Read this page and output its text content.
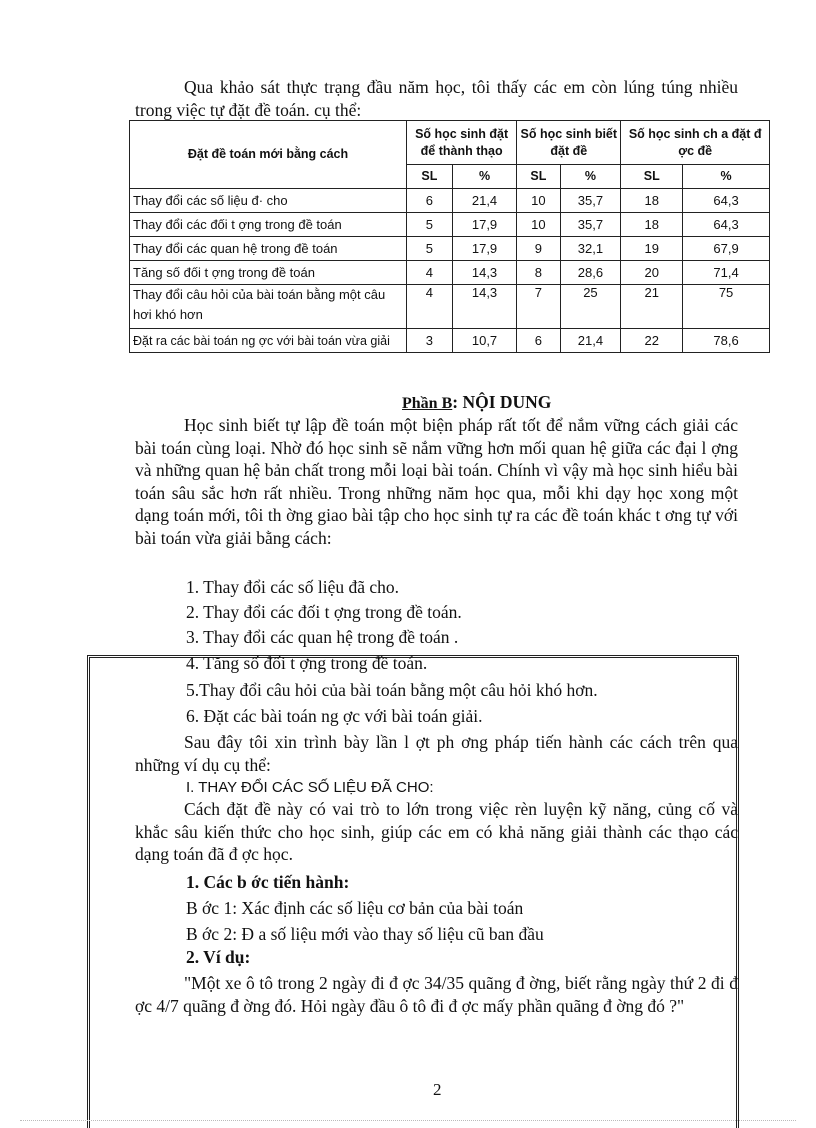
Qua khảo sát thực trạng đầu năm học, tôi thấy các em còn lúng túng nhiều trong việc tự đặt đề toán. cụ thể:

Đặt đề toán mới bằng cách	Số học sinh đặt để thành thạo		Số học sinh biết đặt đề		Số học sinh ch a đặt đ ợc đề	
	SL	%	SL	%	SL	%
Thay đổi các số liệu đ· cho	6	21,4	10	35,7	18	64,3
Thay đổi các đối t ợng trong đề toán	5	17,9	10	35,7	18	64,3
Thay đổi các quan hệ trong đề toán	5	17,9	9	32,1	19	67,9
Tăng số đối t ợng trong đề toán	4	14,3	8	28,6	20	71,4
Thay đổi câu hỏi của bài toán bằng một câu hơi khó hơn	4	14,3	7	25	21	75
Đặt ra các bài toán ng ợc với bài toán vừa giải	3	10,7	6	21,4	22	78,6
Phần B: NỘI DUNG

Học sinh biết tự lập đề toán một biện pháp rất tốt để nắm vững cách giải các bài toán cùng loại. Nhờ đó học sinh sẽ nắm vững hơn mối quan hệ giữa các đại l ợng và những quan hệ bản chất trong mỗi loại bài toán. Chính vì vậy mà học sinh hiểu bài toán sâu sắc hơn rất nhiều. Trong những năm học qua, mỗi khi dạy học xong một dạng toán mới, tôi th ờng giao bài tập cho học sinh tự ra các đề toán khác t ơng tự với bài toán vừa giải bằng cách:

1. Thay đổi các số liệu đã cho.
2. Thay đổi các đối t ợng trong đề toán.
3. Thay đổi các quan hệ trong đề toán .
4. Tăng số đối t ợng trong đề toán.
5.Thay đổi câu hỏi của bài toán bằng một câu hỏi khó hơn.
6. Đặt các bài toán ng ợc với bài toán giải.

Sau đây tôi xin trình bày lần l ợt ph ơng pháp tiến hành các cách trên qua những ví dụ cụ thể:

I. THAY ĐỔI CÁC SỐ LIỆU ĐÃ CHO:

Cách đặt đề này có vai trò to lớn trong việc rèn luyện kỹ năng, củng cố và khắc sâu kiến thức cho học sinh, giúp các em có khả năng giải thành các thạo các dạng toán đã đ ợc học.

1. Các b ớc tiến hành:
B ớc 1: Xác định các số liệu cơ bản của bài toán
B ớc 2: Đ a số liệu mới vào thay số liệu cũ ban đầu
2. Ví dụ:

"Một xe ô tô trong 2 ngày đi đ ợc 34/35 quãng đ ờng, biết rằng ngày thứ 2 đi đ ợc 4/7 quãng đ ờng đó. Hỏi ngày đầu ô tô đi đ ợc mấy phần quãng đ ờng đó ?"

2
